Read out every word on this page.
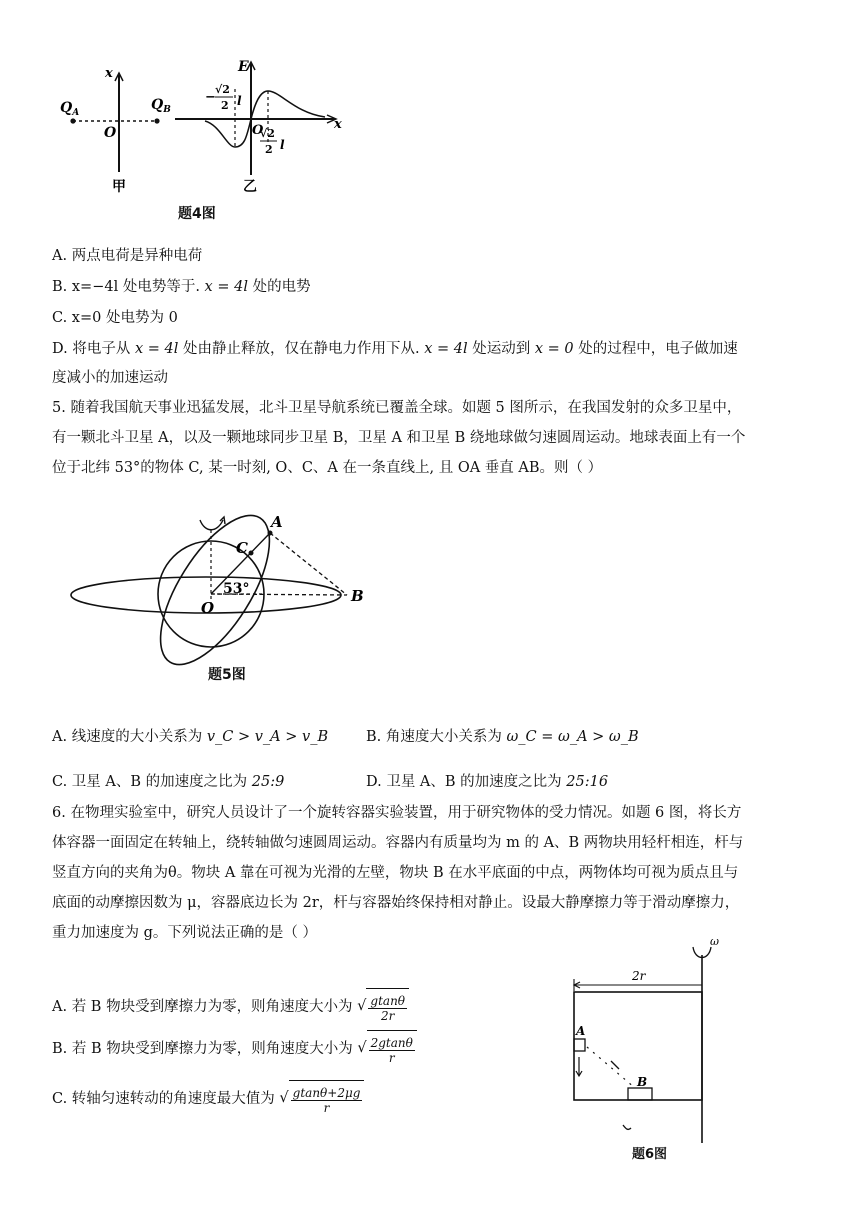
$Q_A$	$Q_B$
O
x
甲
E
x
O
−
√2
2 l
√2
2 l
乙
题4图
A. 两点电荷是异种电荷
B. x=−4l 处电势等于. x = 4l 处的电势
C. x=0 处电势为 0
D. 将电子从 x = 4l 处由静止释放，仅在静电力作用下从. x = 4l 处运动到 x = 0 处的过程中，电子做加速
度减小的加速运动
5. 随着我国航天事业迅猛发展，北斗卫星导航系统已覆盖全球。如题 5 图所示，在我国发射的众多卫星中，
有一颗北斗卫星 A，以及一颗地球同步卫星 B，卫星 A 和卫星 B 绕地球做匀速圆周运动。地球表面上有一个
位于北纬 53°的物体 C, 某一时刻, O、C、A 在一条直线上, 且 OA 垂直 AB。则（ ）
A
B
C
O
53°
题5图
A. 线速度的大小关系为 v_C > v_A > v_B	B. 角速度大小关系为 ω_C = ω_A > ω_B
C. 卫星 A、B 的加速度之比为 25:9	D. 卫星 A、B 的加速度之比为 25:16
6. 在物理实验室中，研究人员设计了一个旋转容器实验装置，用于研究物体的受力情况。如题 6 图，将长方
体容器一面固定在转轴上，绕转轴做匀速圆周运动。容器内有质量均为 m 的 A、B 两物块用轻杆相连，杆与
竖直方向的夹角为θ。物块 A 靠在可视为光滑的左壁，物块 B 在水平底面的中点，两物体均可视为质点且与
底面的动摩擦因数为 μ，容器底边长为 2r，杆与容器始终保持相对静止。设最大静摩擦力等于滑动摩擦力，
重力加速度为 g。下列说法正确的是（ ）
A. 若 B 物块受到摩擦力为零，则角速度大小为 √ $\frac{gtan\theta}{2r}$
B. 若 B 物块受到摩擦力为零，则角速度大小为 √ $\frac{2gtan\theta}{r}$
C. 转轴匀速转动的角速度最大值为 √ $\frac{gtan\theta+2\mu g}{r}$
ω
2r
A
B
题6图
